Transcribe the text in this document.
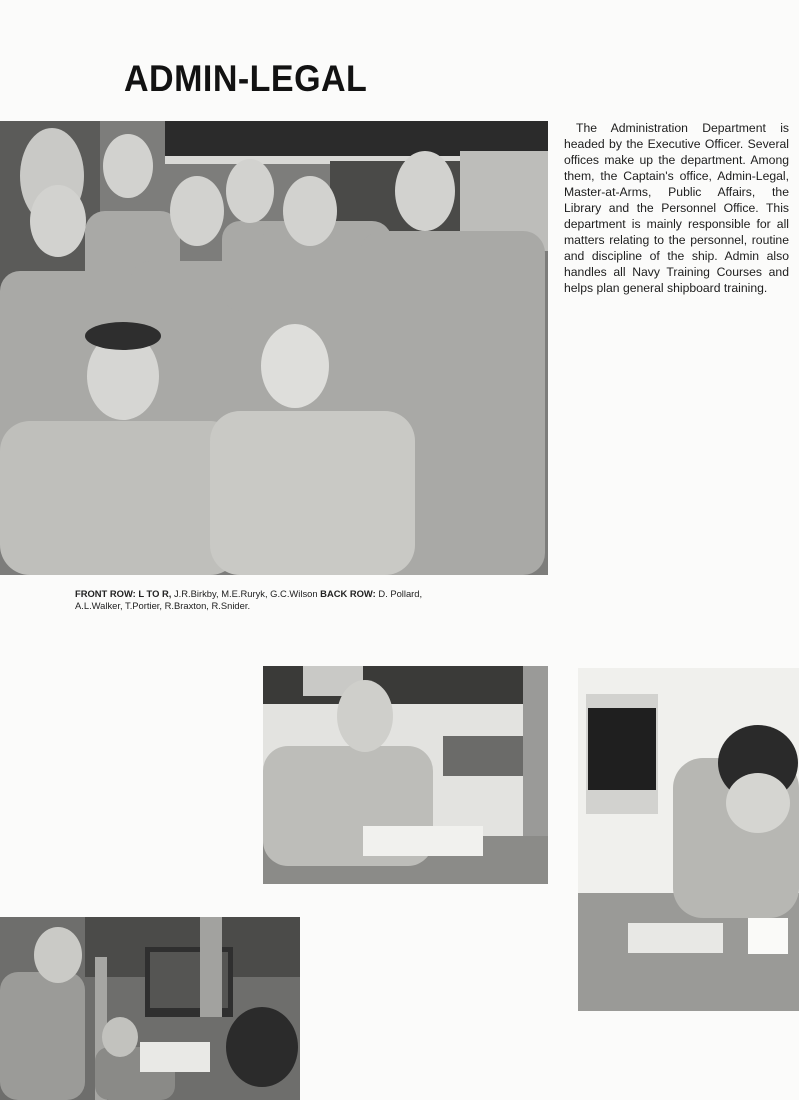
ADMIN-LEGAL
The Administration Department is headed by the Executive Officer. Several offices make up the department. Among them, the Captain's office, Admin-Legal, Master-at-Arms, Public Affairs, the Library and the Personnel Office. This department is mainly responsible for all matters relating to the personnel, routine and discipline of the ship. Admin also handles all Navy Training Courses and helps plan general shipboard training.
FRONT ROW: L TO R, J.R.Birkby, M.E.Ruryk, G.C.Wilson BACK ROW: D. Pollard, A.L.Walker, T.Portier, R.Braxton, R.Snider.
